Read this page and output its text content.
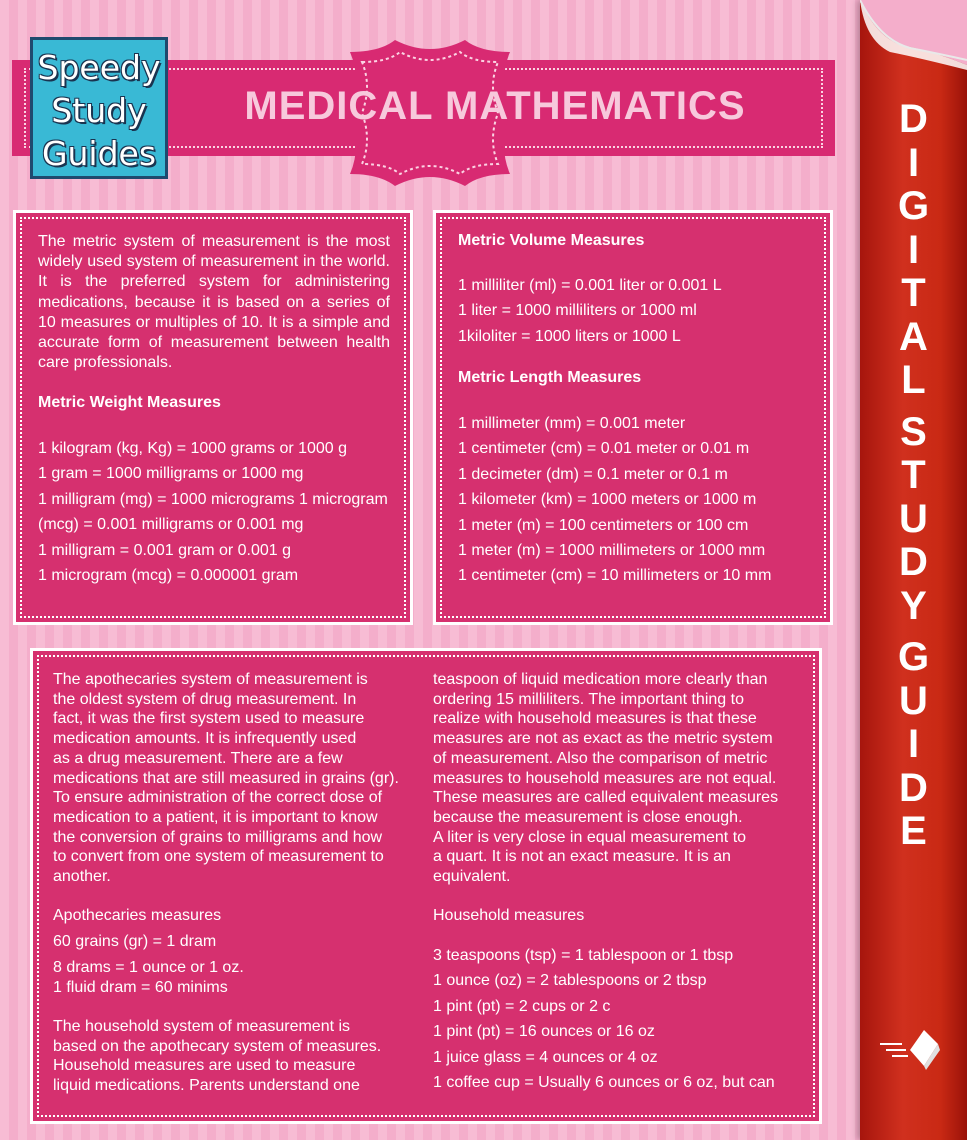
D
I
G
I
T
A
L
S
T
U
D
Y
G
U
I
D
E
MEDICAL MATHEMATICS
Speedy
Study
Guides
The metric system of measurement is the most widely used system of measurement in the world. It is the preferred system for administering medications, because it is based on a series of 10 measures or multiples of 10. It is a simple and accurate form of measurement between health care professionals.
Metric Weight Measures
1 kilogram (kg, Kg) = 1000 grams or 1000 g
1 gram = 1000 milligrams or 1000 mg
1 milligram (mg) = 1000 micrograms 1 microgram
(mcg) = 0.001 milligrams or 0.001 mg
1 milligram = 0.001 gram or 0.001 g
1 microgram (mcg) = 0.000001 gram
Metric Volume Measures
1 milliliter (ml) = 0.001 liter or 0.001 L
1 liter = 1000 milliliters or 1000 ml
1kiloliter = 1000 liters or 1000 L
Metric Length Measures
1 millimeter (mm) = 0.001 meter
1 centimeter (cm) = 0.01 meter or 0.01 m
1 decimeter (dm) = 0.1 meter or 0.1 m
1 kilometer (km) = 1000 meters or 1000 m
1 meter (m) = 100 centimeters or 100 cm
1 meter (m) = 1000 millimeters or 1000 mm
1 centimeter (cm) = 10 millimeters or 10 mm
The apothecaries system of measurement is
the oldest system of drug measurement. In
fact, it was the first system used to measure
medication amounts. It is infrequently used
as a drug measurement. There are a few
medications that are still measured in grains (gr).
To ensure administration of the correct dose of
medication to a patient, it is important to know
the conversion of grains to milligrams and how
to convert from one system of measurement to
another.
Apothecaries measures
60 grains (gr) = 1 dram
8 drams = 1 ounce or 1 oz.
1 fluid dram = 60 minims
The household system of measurement is
based on the apothecary system of measures.
Household measures are used to measure
liquid medications. Parents understand one
teaspoon of liquid medication more clearly than
ordering 15 milliliters. The important thing to
realize with household measures is that these
measures are not as exact as the metric system
of measurement. Also the comparison of metric
measures to household measures are not equal.
These measures are called equivalent measures
because the measurement is close enough.
A liter is very close in equal measurement to
a quart. It is not an exact measure. It is an
equivalent.
Household measures
3 teaspoons (tsp) = 1 tablespoon or 1 tbsp
1 ounce (oz) = 2 tablespoons or 2 tbsp
1 pint (pt) = 2 cups or 2 c
1 pint (pt) = 16 ounces or 16 oz
1 juice glass = 4 ounces or 4 oz
1 coffee cup = Usually 6 ounces or 6 oz, but can
